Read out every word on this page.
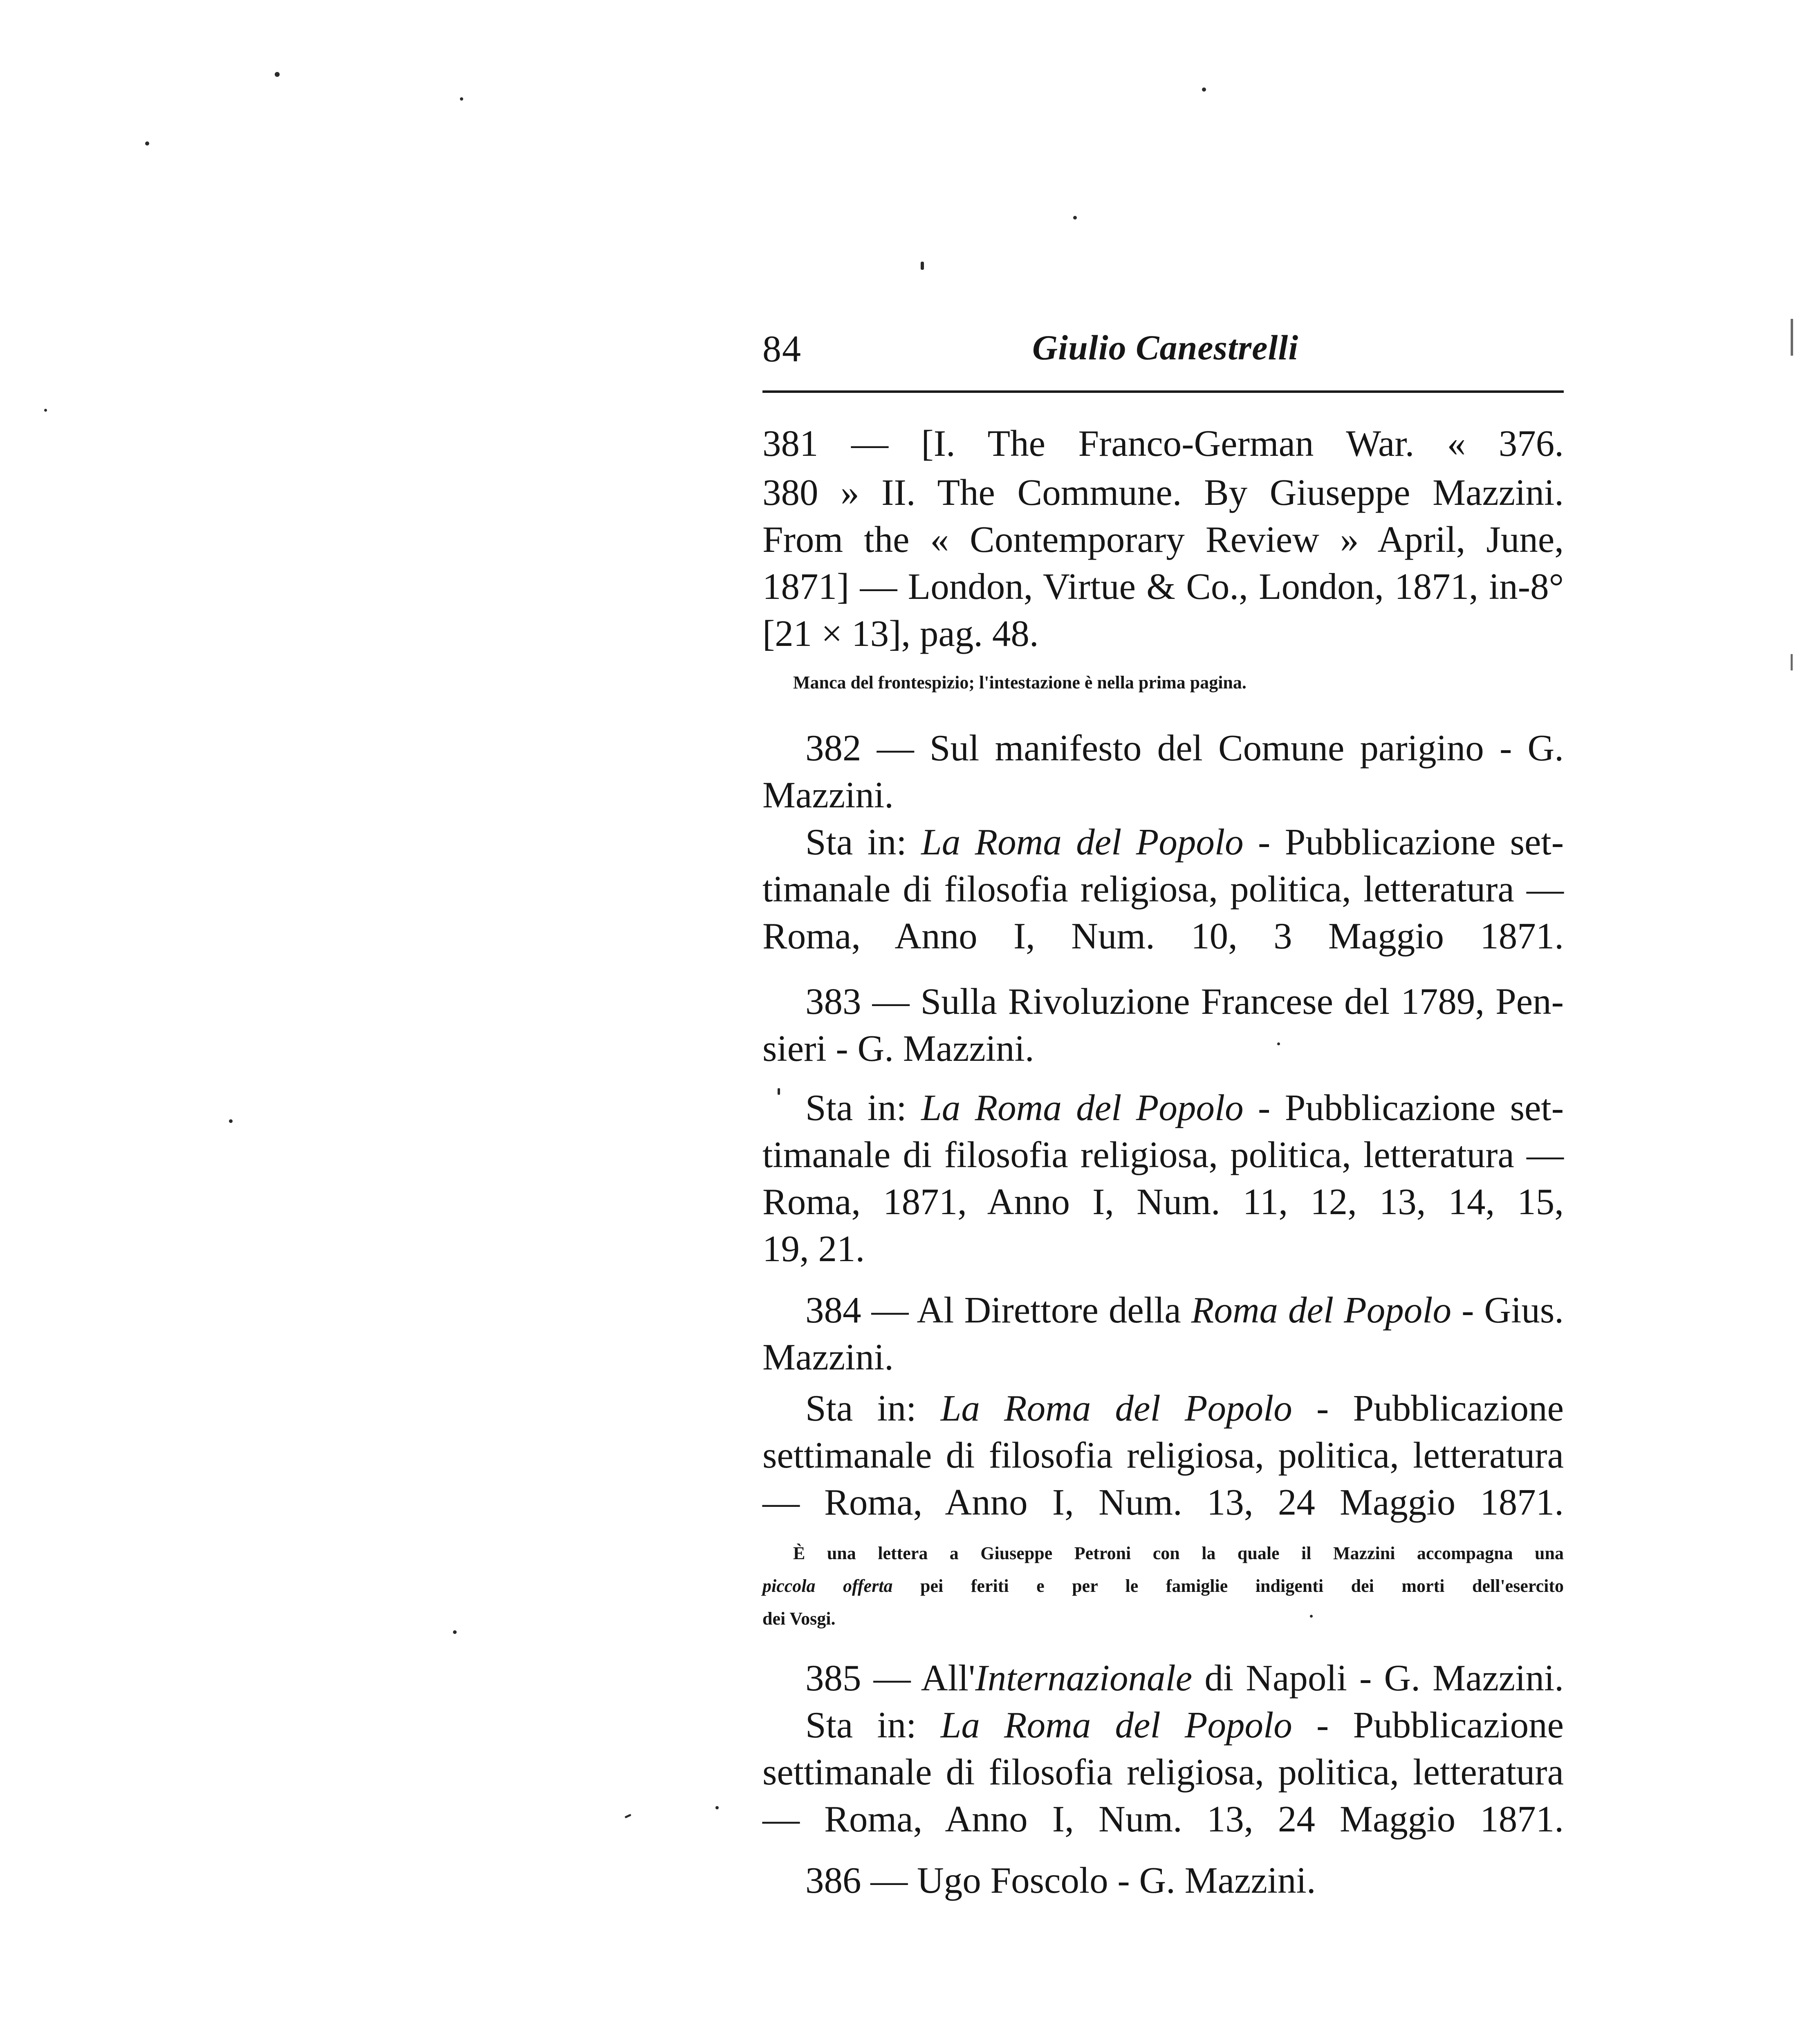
84	Giulio Canestrelli
381 — [I. The Franco-German War. « 376.
380 » II. The Commune. By Giuseppe Mazzini.
From the « Contemporary Review » April, June,
1871] — London, Virtue & Co., London, 1871, in-8°
[21 × 13], pag. 48.
Manca del frontespizio; l'intestazione è nella prima pagina.
382 — Sul manifesto del Comune parigino - G.
Mazzini.
Sta in: La Roma del Popolo - Pubblicazione set-
timanale di filosofia religiosa, politica, letteratura —
Roma, Anno I, Num. 10, 3 Maggio 1871.
383 — Sulla Rivoluzione Francese del 1789, Pen-
sieri - G. Mazzini.
Sta in: La Roma del Popolo - Pubblicazione set-
timanale di filosofia religiosa, politica, letteratura —
Roma, 1871, Anno I, Num. 11, 12, 13, 14, 15,
19, 21.
384 — Al Direttore della Roma del Popolo - Gius.
Mazzini.
Sta in: La Roma del Popolo - Pubblicazione
settimanale di filosofia religiosa, politica, letteratura
— Roma, Anno I, Num. 13, 24 Maggio 1871.
È una lettera a Giuseppe Petroni con la quale il Mazzini accompagna una
piccola offerta pei feriti e per le famiglie indigenti dei morti dell'esercito
dei Vosgi.
385 — All'Internazionale di Napoli - G. Mazzini.
Sta in: La Roma del Popolo - Pubblicazione
settimanale di filosofia religiosa, politica, letteratura
— Roma, Anno I, Num. 13, 24 Maggio 1871.
386 — Ugo Foscolo - G. Mazzini.
